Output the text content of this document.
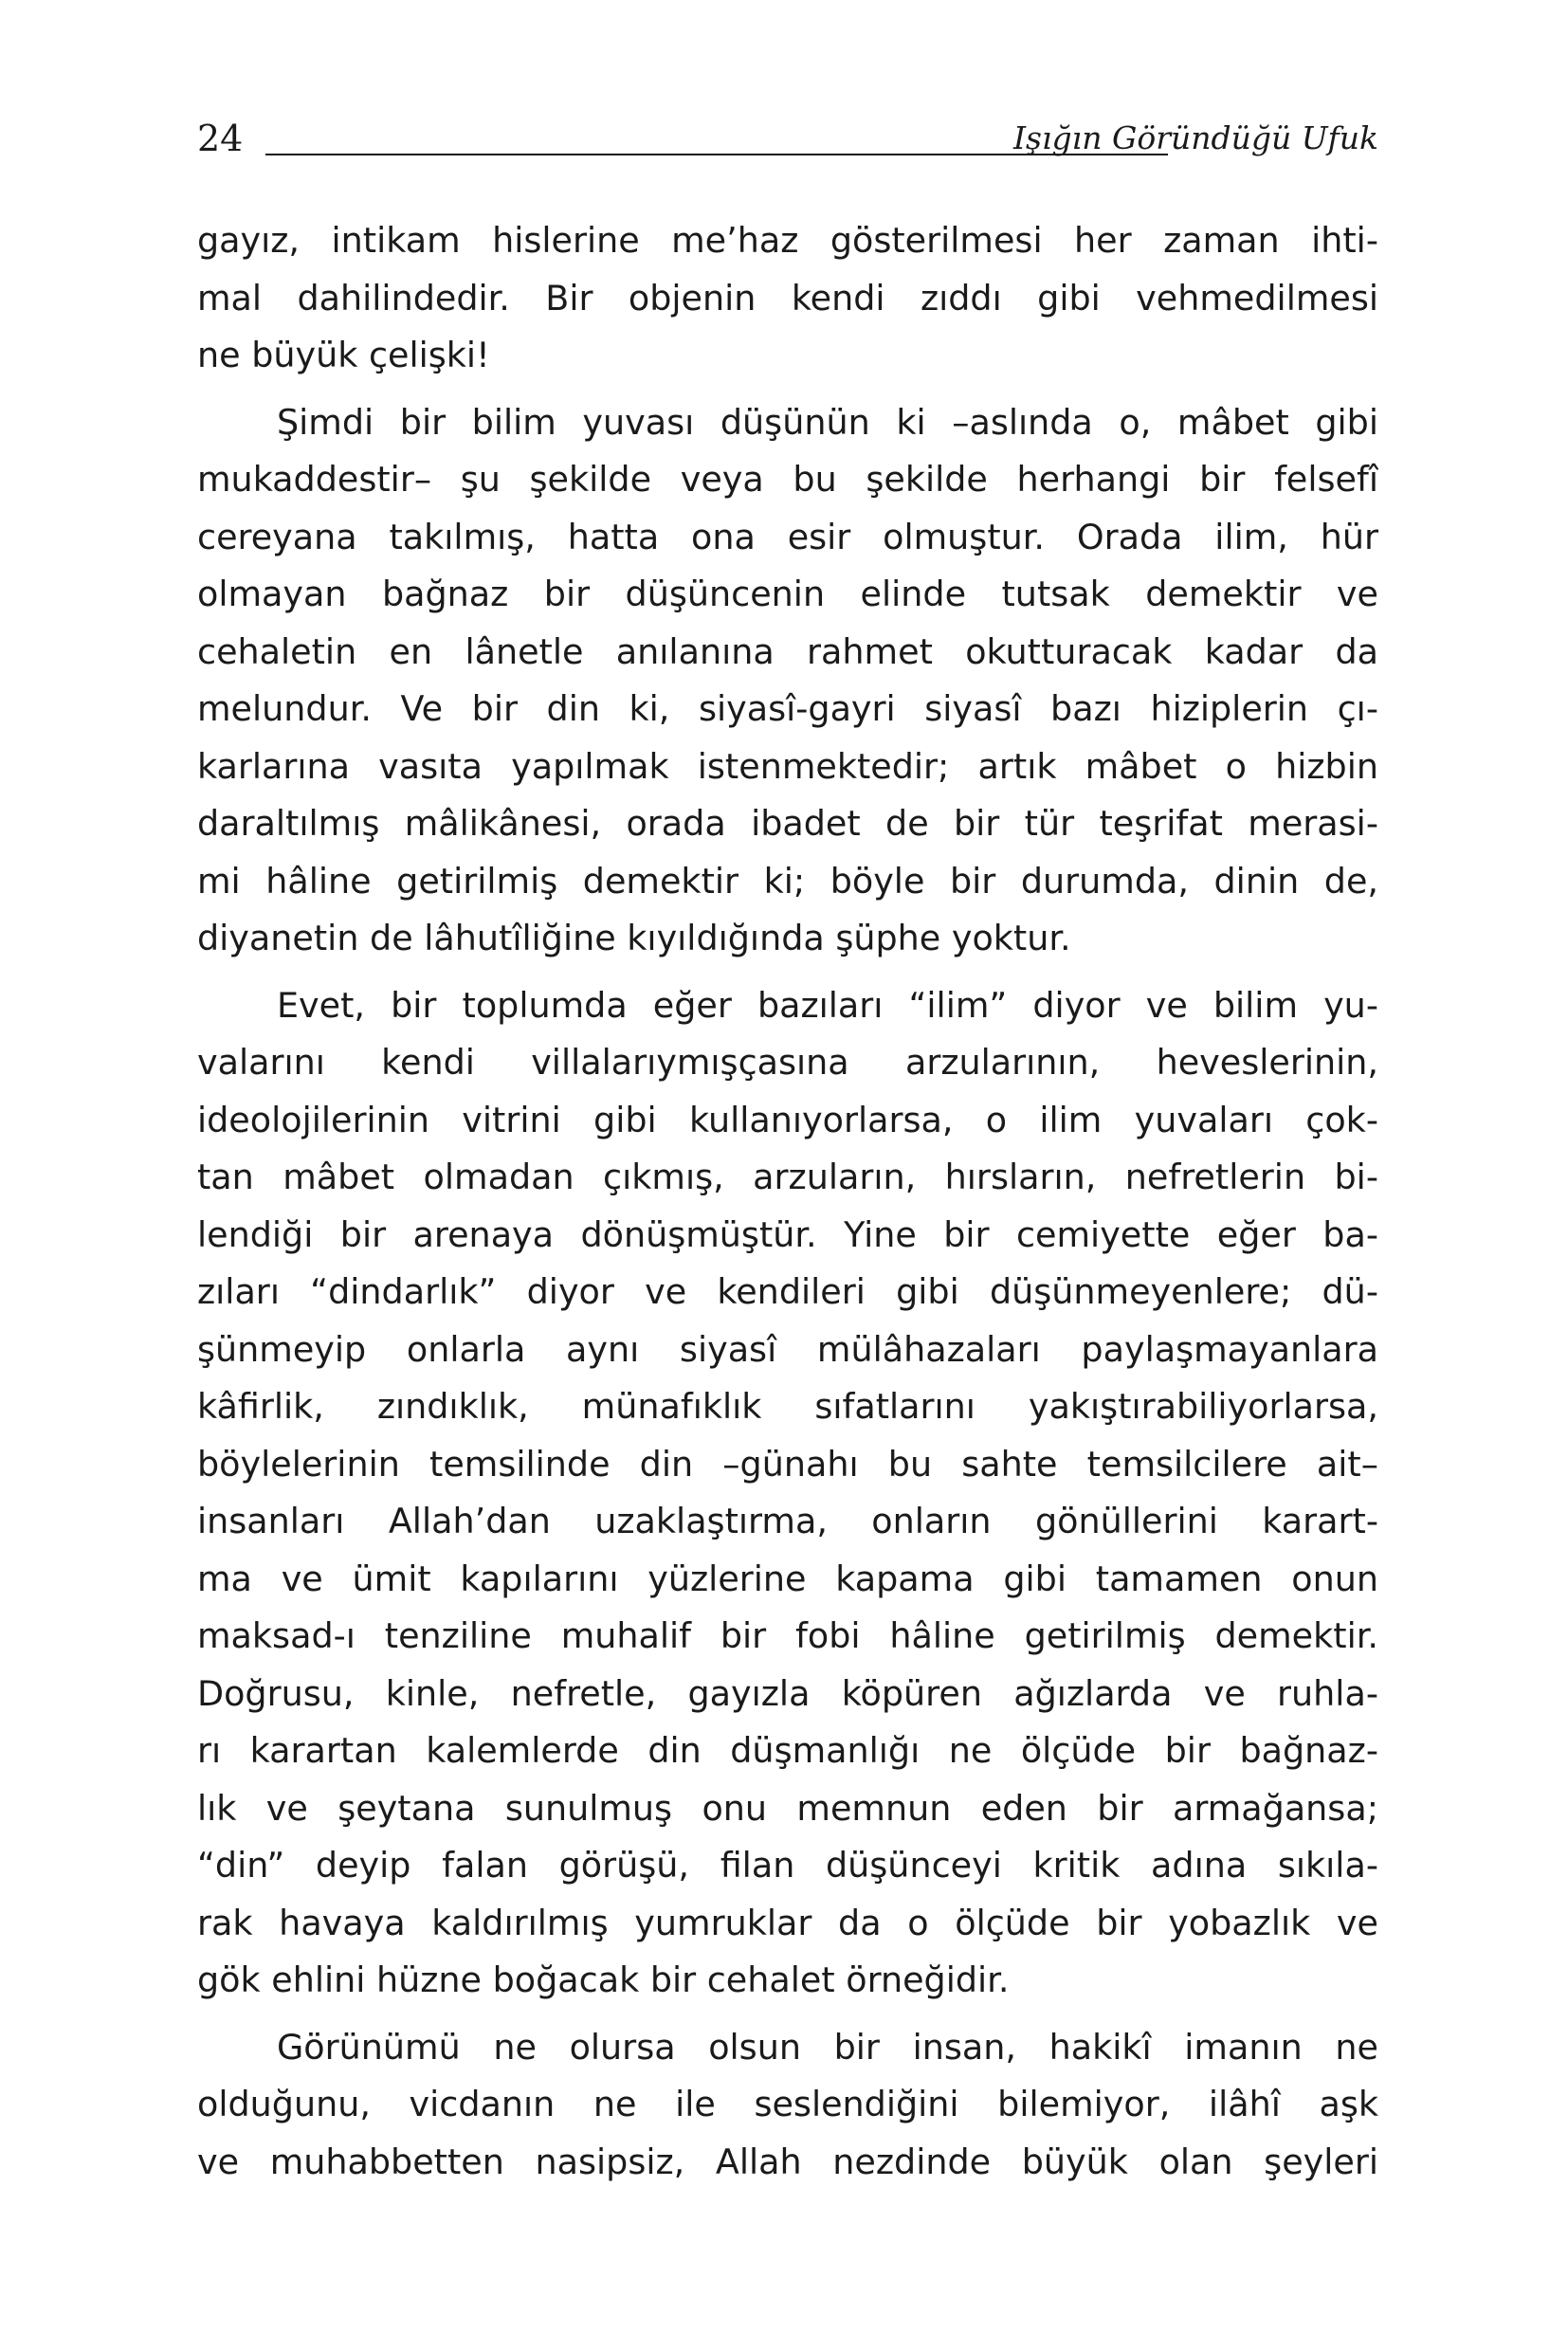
24	Işığın Göründüğü Ufuk
gayız, intikam hislerine me’haz gösterilmesi her zaman ihti-
mal dahilindedir. Bir objenin kendi zıddı gibi vehmedilmesi
ne büyük çelişki!
Şimdi bir bilim yuvası düşünün ki –aslında o, mâbet gibi
mukaddestir– şu şekilde veya bu şekilde herhangi bir felsefî
cereyana takılmış, hatta ona esir olmuştur. Orada ilim, hür
olmayan bağnaz bir düşüncenin elinde tutsak demektir ve
cehaletin en lânetle anılanına rahmet okutturacak kadar da
melundur. Ve bir din ki, siyasî-gayri siyasî bazı hiziplerin çı-
karlarına vasıta yapılmak istenmektedir; artık mâbet o hizbin
daraltılmış mâlikânesi, orada ibadet de bir tür teşrifat merasi-
mi hâline getirilmiş demektir ki; böyle bir durumda, dinin de,
diyanetin de lâhutîliğine kıyıldığında şüphe yoktur.
Evet, bir toplumda eğer bazıları “ilim” diyor ve bilim yu-
valarını kendi villalarıymışçasına arzularının, heveslerinin,
ideolojilerinin vitrini gibi kullanıyorlarsa, o ilim yuvaları çok-
tan mâbet olmadan çıkmış, arzuların, hırsların, nefretlerin bi-
lendiği bir arenaya dönüşmüştür. Yine bir cemiyette eğer ba-
zıları “dindarlık” diyor ve kendileri gibi düşünmeyenlere; dü-
şünmeyip onlarla aynı siyasî mülâhazaları paylaşmayanlara
kâfirlik, zındıklık, münafıklık sıfatlarını yakıştırabiliyorlarsa,
böylelerinin temsilinde din –günahı bu sahte temsilcilere ait–
insanları Allah’dan uzaklaştırma, onların gönüllerini karart-
ma ve ümit kapılarını yüzlerine kapama gibi tamamen onun
maksad-ı tenziline muhalif bir fobi hâline getirilmiş demektir.
Doğrusu, kinle, nefretle, gayızla köpüren ağızlarda ve ruhla-
rı karartan kalemlerde din düşmanlığı ne ölçüde bir bağnaz-
lık ve şeytana sunulmuş onu memnun eden bir armağansa;
“din” deyip falan görüşü, filan düşünceyi kritik adına sıkıla-
rak havaya kaldırılmış yumruklar da o ölçüde bir yobazlık ve
gök ehlini hüzne boğacak bir cehalet örneğidir.
Görünümü ne olursa olsun bir insan, hakikî imanın ne
olduğunu, vicdanın ne ile seslendiğini bilemiyor, ilâhî aşk
ve muhabbetten nasipsiz, Allah nezdinde büyük olan şeyleri
